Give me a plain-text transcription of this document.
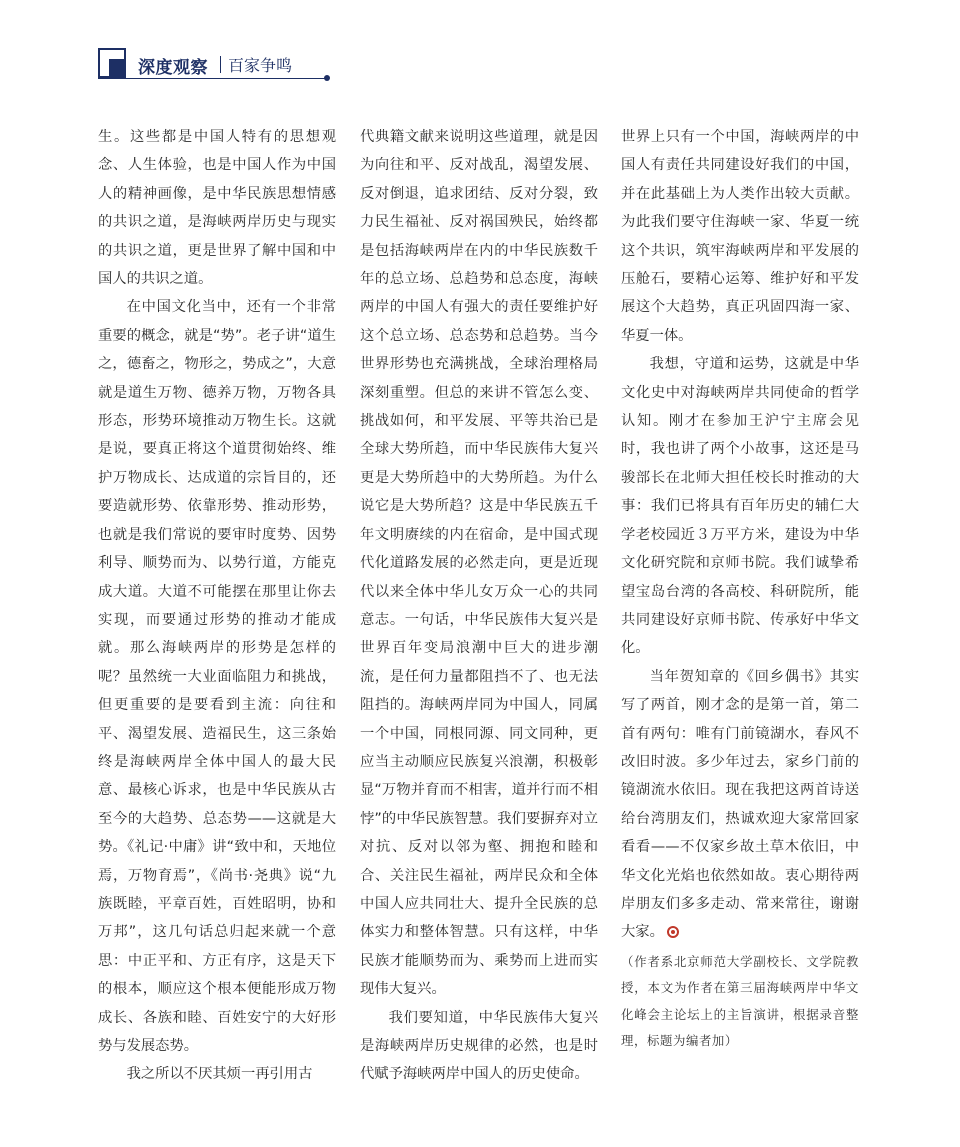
深度观察 百家争鸣

生。这些都是中国人特有的思想观念、人生体验，也是中国人作为中国人的精神画像，是中华民族思想情感的共识之道，是海峡两岸历史与现实的共识之道，更是世界了解中国和中国人的共识之道。

在中国文化当中，还有一个非常重要的概念，就是“势”。老子讲“道生之，德畜之，物形之，势成之”，大意就是道生万物、德养万物，万物各具形态，形势环境推动万物生长。这就是说，要真正将这个道贯彻始终、维护万物成长、达成道的宗旨目的，还要造就形势、依靠形势、推动形势，也就是我们常说的要审时度势、因势利导、顺势而为、以势行道，方能克成大道。大道不可能摆在那里让你去实现，而要通过形势的推动才能成就。那么海峡两岸的形势是怎样的呢？虽然统一大业面临阻力和挑战，但更重要的是要看到主流：向往和平、渴望发展、造福民生，这三条始终是海峡两岸全体中国人的最大民意、最核心诉求，也是中华民族从古至今的大趋势、总态势——这就是大势。《礼记·中庸》讲“致中和，天地位焉，万物育焉”，《尚书·尧典》说“九族既睦，平章百姓，百姓昭明，协和万邦”，这几句话总归起来就一个意思：中正平和、方正有序，这是天下的根本，顺应这个根本便能形成万物成长、各族和睦、百姓安宁的大好形势与发展态势。

我之所以不厌其烦一再引用古

代典籍文献来说明这些道理，就是因为向往和平、反对战乱，渴望发展、反对倒退，追求团结、反对分裂，致力民生福祉、反对祸国殃民，始终都是包括海峡两岸在内的中华民族数千年的总立场、总趋势和总态度，海峡两岸的中国人有强大的责任要维护好这个总立场、总态势和总趋势。当今世界形势也充满挑战，全球治理格局深刻重塑。但总的来讲不管怎么变、挑战如何，和平发展、平等共治已是全球大势所趋，而中华民族伟大复兴更是大势所趋中的大势所趋。为什么说它是大势所趋？这是中华民族五千年文明赓续的内在宿命，是中国式现代化道路发展的必然走向，更是近现代以来全体中华儿女万众一心的共同意志。一句话，中华民族伟大复兴是世界百年变局浪潮中巨大的进步潮流，是任何力量都阻挡不了、也无法阻挡的。海峡两岸同为中国人，同属一个中国，同根同源、同文同种，更应当主动顺应民族复兴浪潮，积极彰显“万物并育而不相害，道并行而不相悖”的中华民族智慧。我们要摒弃对立对抗、反对以邻为壑、拥抱和睦和合、关注民生福祉，两岸民众和全体中国人应共同壮大、提升全民族的总体实力和整体智慧。只有这样，中华民族才能顺势而为、乘势而上进而实现伟大复兴。

我们要知道，中华民族伟大复兴是海峡两岸历史规律的必然，也是时代赋予海峡两岸中国人的历史使命。

世界上只有一个中国，海峡两岸的中国人有责任共同建设好我们的中国，并在此基础上为人类作出较大贡献。为此我们要守住海峡一家、华夏一统这个共识，筑牢海峡两岸和平发展的压舱石，要精心运筹、维护好和平发展这个大趋势，真正巩固四海一家、华夏一体。

我想，守道和运势，这就是中华文化史中对海峡两岸共同使命的哲学认知。刚才在参加王沪宁主席会见时，我也讲了两个小故事，这还是马骏部长在北师大担任校长时推动的大事：我们已将具有百年历史的辅仁大学老校园近３万平方米，建设为中华文化研究院和京师书院。我们诚挚希望宝岛台湾的各高校、科研院所，能共同建设好京师书院、传承好中华文化。

当年贺知章的《回乡偶书》其实写了两首，刚才念的是第一首，第二首有两句：唯有门前镜湖水，春风不改旧时波。多少年过去，家乡门前的镜湖流水依旧。现在我把这两首诗送给台湾朋友们，热诚欢迎大家常回家看看——不仅家乡故土草木依旧，中华文化光焰也依然如故。衷心期待两岸朋友们多多走动、常来常往，谢谢大家。

（作者系北京师范大学副校长、文学院教授，本文为作者在第三届海峡两岸中华文化峰会主论坛上的主旨演讲，根据录音整理，标题为编者加）
